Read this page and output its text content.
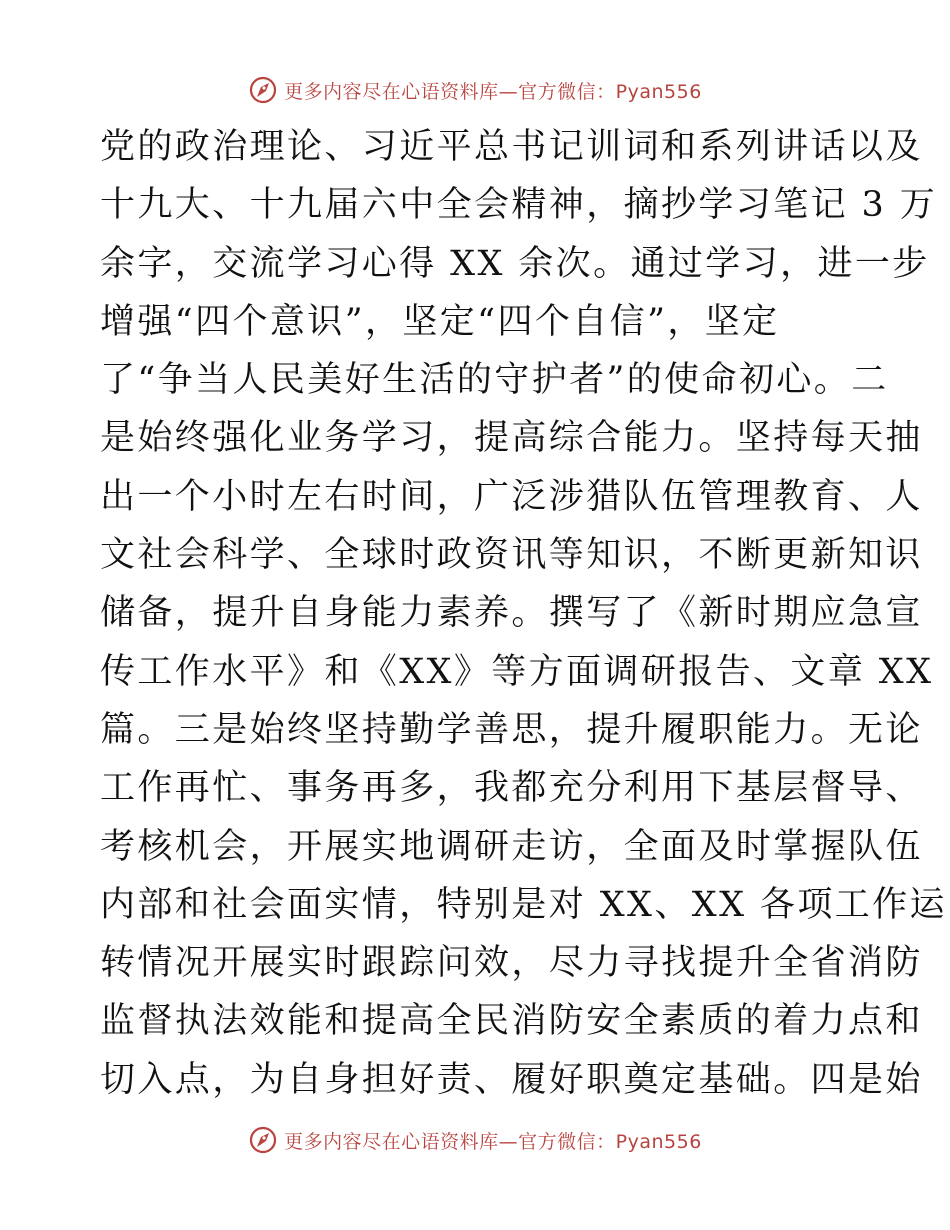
更多内容尽在心语资料库—官方微信：Pyan556
党的政治理论、习近平总书记训词和系列讲话以及
十九大、十九届六中全会精神，摘抄学习笔记 3 万
余字，交流学习心得 XX 余次。通过学习，进一步
增强“四个意识”，坚定“四个自信”，坚定
了“争当人民美好生活的守护者”的使命初心。二
是始终强化业务学习，提高综合能力。坚持每天抽
出一个小时左右时间，广泛涉猎队伍管理教育、人
文社会科学、全球时政资讯等知识，不断更新知识
储备，提升自身能力素养。撰写了《新时期应急宣
传工作水平》和《XX》等方面调研报告、文章 XX
篇。三是始终坚持勤学善思，提升履职能力。无论
工作再忙、事务再多，我都充分利用下基层督导、
考核机会，开展实地调研走访，全面及时掌握队伍
内部和社会面实情，特别是对 XX、XX 各项工作运
转情况开展实时跟踪问效，尽力寻找提升全省消防
监督执法效能和提高全民消防安全素质的着力点和
切入点，为自身担好责、履好职奠定基础。四是始
更多内容尽在心语资料库—官方微信：Pyan556
